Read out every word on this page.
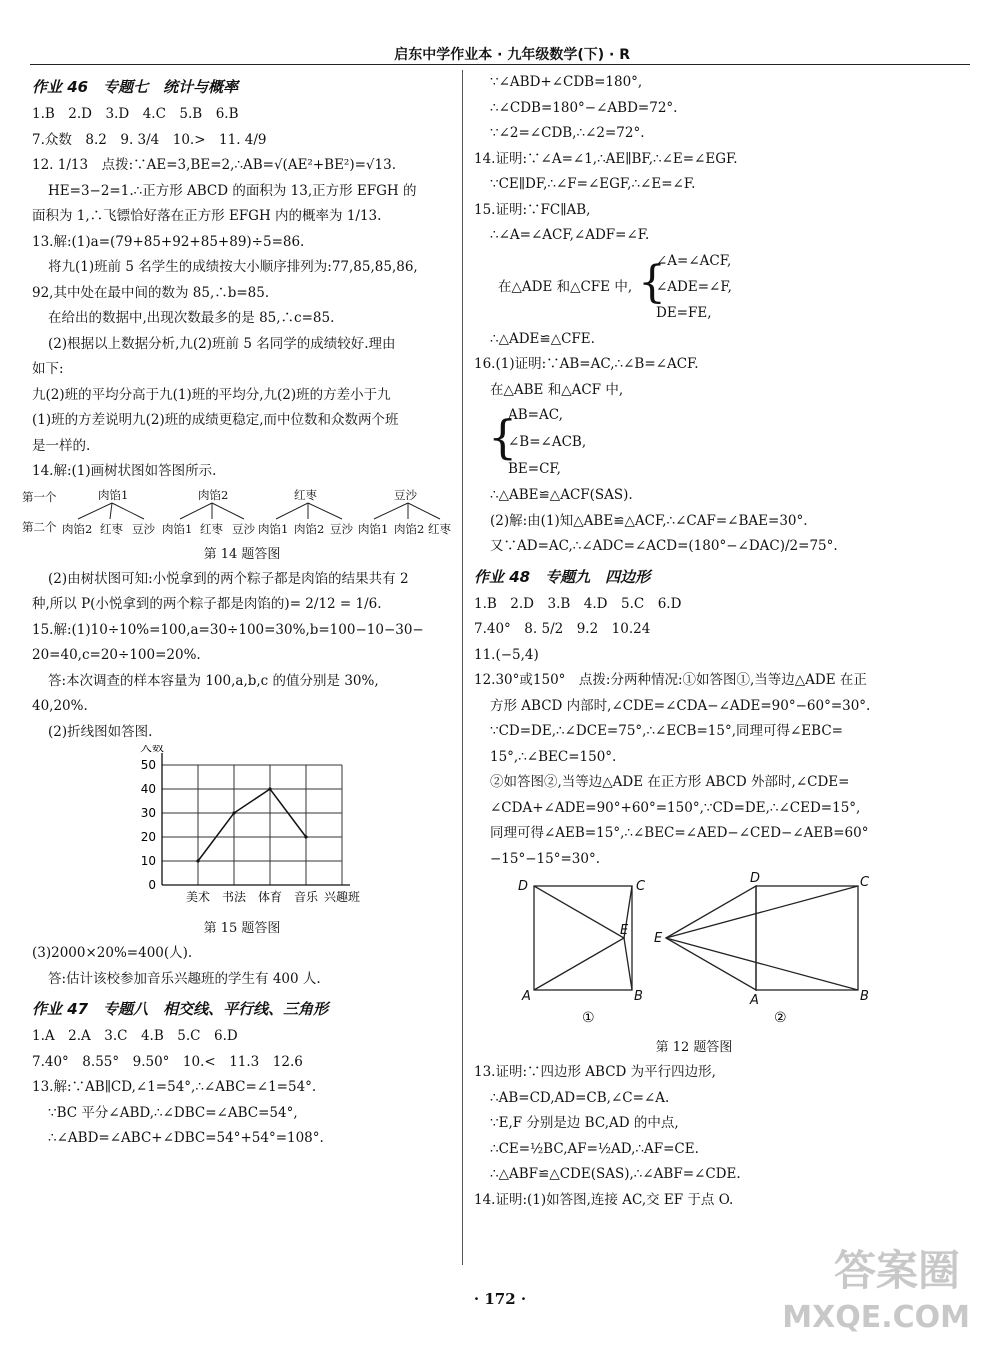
启东中学作业本 · 九年级数学(下) · R
作业 46　专题七　统计与概率

1.B　2.D　3.D　4.C　5.B　6.B

7.众数　8.2　9. 3/4　10.>　11. 4/9

12. 1/13　点拨:∵AE=3,BE=2,∴AB=√(AE²+BE²)=√13.

HE=3−2=1.∴正方形 ABCD 的面积为 13,正方形 EFGH 的

面积为 1,∴飞镖恰好落在正方形 EFGH 内的概率为 1/13.

13.解:(1)a=(79+85+92+85+89)÷5=86.

将九(1)班前 5 名学生的成绩按大小顺序排列为:77,85,85,86,

92,其中处在最中间的数为 85,∴b=85.

在给出的数据中,出现次数最多的是 85,∴c=85.

(2)根据以上数据分析,九(2)班前 5 名同学的成绩较好.理由

如下:

九(2)班的平均分高于九(1)班的平均分,九(2)班的方差小于九

(1)班的方差说明九(2)班的成绩更稳定,而中位数和众数两个班

是一样的.

14.解:(1)画树状图如答图所示.

第一个
第二个
肉馅1	肉馅2	红枣	豆沙
肉馅2 红枣 豆沙 肉馅1 红枣 豆沙 肉馅1 肉馅2 豆沙 肉馅1 肉馅2 红枣
第 14 题答图

(2)由树状图可知:小悦拿到的两个粽子都是肉馅的结果共有 2

种,所以 P(小悦拿到的两个粽子都是肉馅的)= 2/12 = 1/6.

15.解:(1)10÷10%=100,a=30÷100=30%,b=100−10−30−

20=40,c=20÷100=20%.

答:本次调查的样本容量为 100,a,b,c 的值分别是 30%,

40,20%.

(2)折线图如答图.

0
10
20
30
40
50
人数
美术 书法 体育 音乐 兴趣班
第 15 题答图

(3)2000×20%=400(人).

答:估计该校参加音乐兴趣班的学生有 400 人.

作业 47　专题八　相交线、平行线、三角形

1.A　2.A　3.C　4.B　5.C　6.D

7.40°　8.55°　9.50°　10.<　11.3　12.6

13.解:∵AB∥CD,∠1=54°,∴∠ABC=∠1=54°.

∵BC 平分∠ABD,∴∠DBC=∠ABC=54°,

∴∠ABD=∠ABC+∠DBC=54°+54°=108°.

∵∠ABD+∠CDB=180°,

∴∠CDB=180°−∠ABD=72°.

∵∠2=∠CDB,∴∠2=72°.

14.证明:∵∠A=∠1,∴AE∥BF,∴∠E=∠EGF.

∵CE∥DF,∴∠F=∠EGF,∴∠E=∠F.

15.证明:∵FC∥AB,

∴∠A=∠ACF,∠ADF=∠F.

在△ADE 和△CFE 中, {
∠A=∠ACF,
∠ADE=∠F,
DE=FE,

∴△ADE≌△CFE.

16.(1)证明:∵AB=AC,∴∠B=∠ACF.

在△ABE 和△ACF 中,

{
AB=AC,
∠B=∠ACB,
BE=CF,

∴△ABE≌△ACF(SAS).

(2)解:由(1)知△ABE≌△ACF,∴∠CAF=∠BAE=30°.

又∵AD=AC,∴∠ADC=∠ACD=(180°−∠DAC)/2=75°.

作业 48　专题九　四边形

1.B　2.D　3.B　4.D　5.C　6.D

7.40°　8. 5/2　9.2　10.24

11.(−5,4)

12.30°或150°　点拨:分两种情况:①如答图①,当等边△ADE 在正

方形 ABCD 内部时,∠CDE=∠CDA−∠ADE=90°−60°=30°.

∵CD=DE,∴∠DCE=75°,∴∠ECB=15°,同理可得∠EBC=

15°,∴∠BEC=150°.

②如答图②,当等边△ADE 在正方形 ABCD 外部时,∠CDE=

∠CDA+∠ADE=90°+60°=150°,∵CD=DE,∴∠CED=15°,

同理可得∠AEB=15°,∴∠BEC=∠AED−∠CED−∠AEB=60°

−15°−15°=30°.

D	C
E
A	B
D	C
E
A	B
①	②
第 12 题答图

13.证明:∵四边形 ABCD 为平行四边形,

∴AB=CD,AD=CB,∠C=∠A.

∵E,F 分别是边 BC,AD 的中点,

∴CE=½BC,AF=½AD,∴AF=CE.

∴△ABF≌△CDE(SAS),∴∠ABF=∠CDE.

14.证明:(1)如答图,连接 AC,交 EF 于点 O.

· 172 ·
答案圈
MXQE.COM
